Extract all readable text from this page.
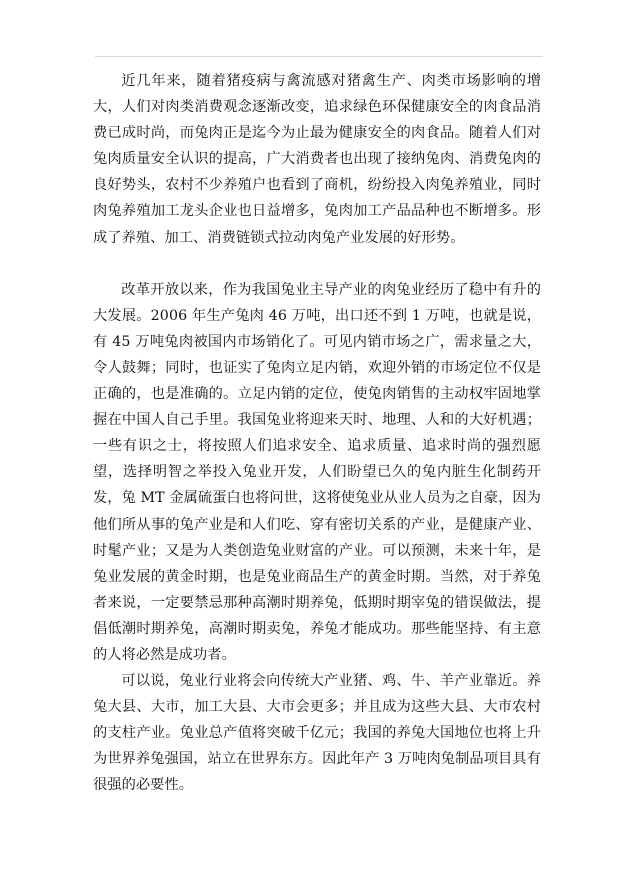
近几年来，随着猪疫病与禽流感对猪禽生产、肉类市场影响的增大，人们对肉类消费观念逐渐改变，追求绿色环保健康安全的肉食品消费已成时尚，而兔肉正是迄今为止最为健康安全的肉食品。随着人们对兔肉质量安全认识的提高，广大消费者也出现了接纳兔肉、消费兔肉的良好势头，农村不少养殖户也看到了商机，纷纷投入肉兔养殖业，同时肉兔养殖加工龙头企业也日益增多，兔肉加工产品品种也不断增多。形成了养殖、加工、消费链锁式拉动肉兔产业发展的好形势。

改革开放以来，作为我国兔业主导产业的肉兔业经历了稳中有升的大发展。2006 年生产兔肉 46 万吨，出口还不到 1 万吨，也就是说，有 45 万吨兔肉被国内市场销化了。可见内销市场之广，需求量之大，令人鼓舞；同时，也证实了兔肉立足内销，欢迎外销的市场定位不仅是正确的，也是准确的。立足内销的定位，使兔肉销售的主动权牢固地掌握在中国人自己手里。我国兔业将迎来天时、地理、人和的大好机遇；一些有识之士，将按照人们追求安全、追求质量、追求时尚的强烈愿望，选择明智之举投入兔业开发，人们盼望已久的兔内脏生化制药开发，兔 MT 金属硫蛋白也将问世，这将使兔业从业人员为之自豪，因为他们所从事的兔产业是和人们吃、穿有密切关系的产业，是健康产业、时髦产业；又是为人类创造兔业财富的产业。可以预测，未来十年，是兔业发展的黄金时期，也是兔业商品生产的黄金时期。当然，对于养兔者来说，一定要禁忌那种高潮时期养兔，低期时期宰兔的错误做法，提倡低潮时期养兔，高潮时期卖兔，养兔才能成功。那些能坚持、有主意的人将必然是成功者。

可以说，兔业行业将会向传统大产业猪、鸡、牛、羊产业靠近。养兔大县、大市，加工大县、大市会更多；并且成为这些大县、大市农村的支柱产业。兔业总产值将突破千亿元；我国的养兔大国地位也将上升为世界养兔强国，站立在世界东方。因此年产 3 万吨肉兔制品项目具有很强的必要性。
